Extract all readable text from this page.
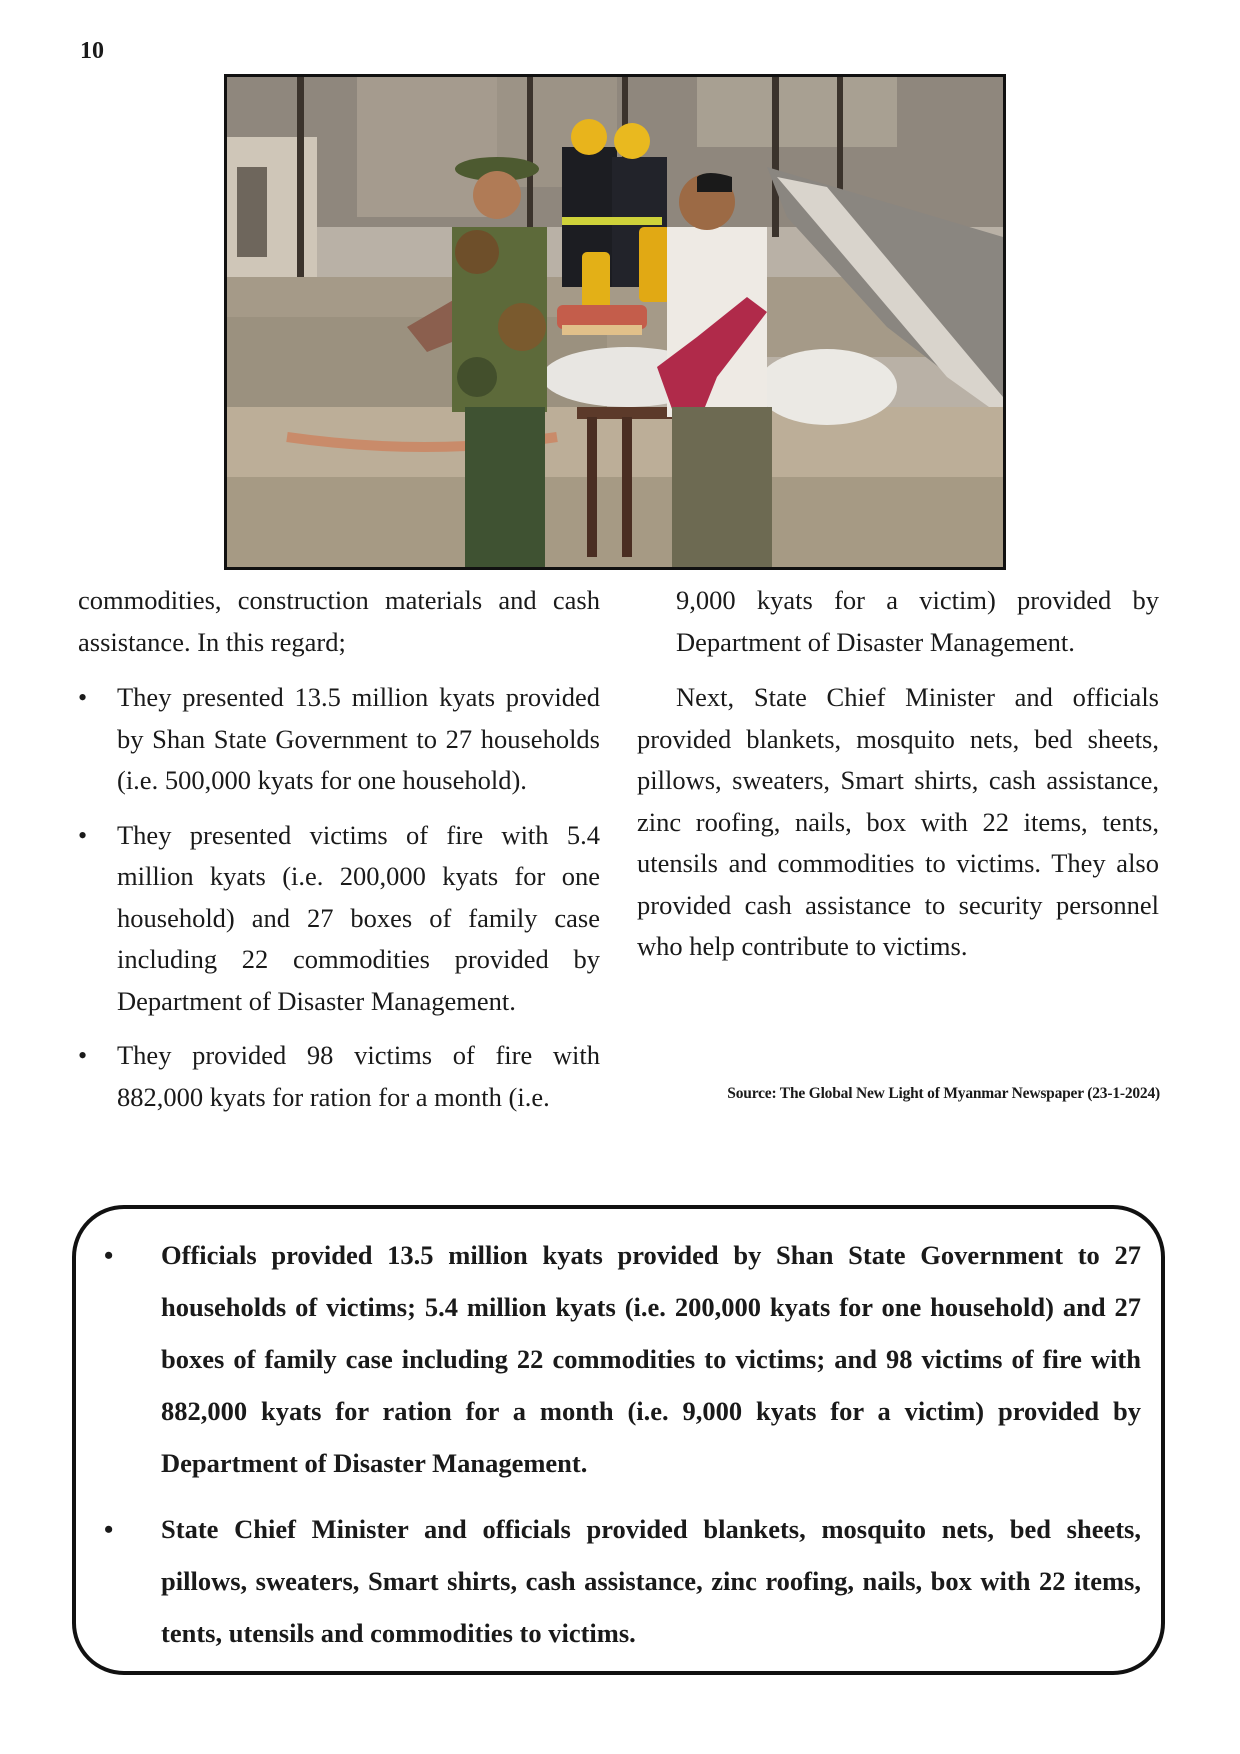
10

commodities, construction materials and cash assistance. In this regard;

• They presented 13.5 million kyats provided by Shan State Government to 27 households (i.e. 500,000 kyats for one household).
• They presented victims of fire with 5.4 million kyats (i.e. 200,000 kyats for one household) and 27 boxes of family case including 22 commodities provided by Department of Disaster Management.
• They provided 98 victims of fire with 882,000 kyats for ration for a month (i.e.

9,000 kyats for a victim) provided by Department of Disaster Management.

Next, State Chief Minister and officials provided blankets, mosquito nets, bed sheets, pillows, sweaters, Smart shirts, cash assistance, zinc roofing, nails, box with 22 items, tents, utensils and commodities to victims. They also provided cash assistance to security personnel who help contribute to victims.

Source: The Global New Light of Myanmar Newspaper (23-1-2024)
• Officials provided 13.5 million kyats provided by Shan State Government to 27 households of victims; 5.4 million kyats (i.e. 200,000 kyats for one household) and 27 boxes of family case including 22 commodities to victims; and 98 victims of fire with 882,000 kyats for ration for a month (i.e. 9,000 kyats for a victim) provided by Department of Disaster Management.
• State Chief Minister and officials provided blankets, mosquito nets, bed sheets, pillows, sweaters, Smart shirts, cash assistance, zinc roofing, nails, box with 22 items, tents, utensils and commodities to victims.
